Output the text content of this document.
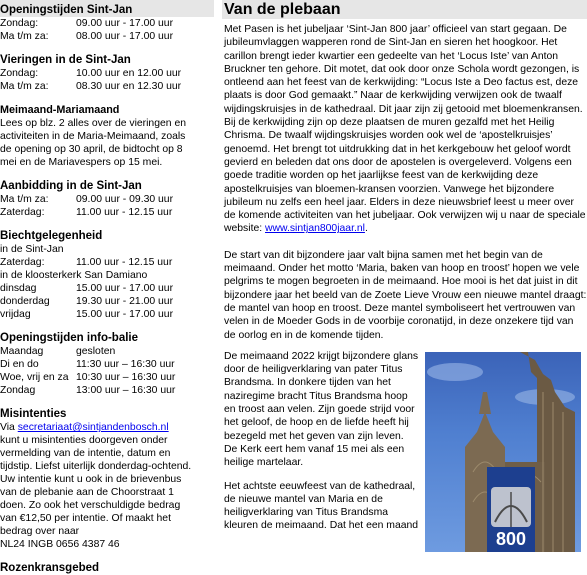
Openingstijden Sint-Jan
Zondag:	09.00 uur - 17.00 uur
Ma t/m za:	08.00 uur - 17.00 uur
Vieringen in de Sint-Jan
Zondag:	10.00 uur en 12.00 uur
Ma t/m za:	08.30 uur en 12.30 uur
Meimaand-Mariamaand
Lees op blz. 2 alles over de vieringen en
activiteiten in de Maria-Meimaand, zoals
de opening op 30 april, de bidtocht op 8
mei en de Mariavespers op 15 mei.
Aanbidding in de Sint-Jan
Ma t/m za:	09.00 uur - 09.30 uur
Zaterdag:	11.00 uur - 12.15 uur
Biechtgelegenheid
in de Sint-Jan
Zaterdag:	11.00 uur - 12.15 uur
in de kloosterkerk San Damiano
dinsdag	15.00 uur - 17.00 uur
donderdag	19.30 uur - 21.00 uur
vrijdag	15.00 uur - 17.00 uur
Openingstijden info-balie
Maandag	gesloten
Di en do	11:30 uur – 16:30 uur
Woe, vrij en za 10:30 uur – 16:30 uur
Zondag	13:00 uur – 16:30 uur
Misintenties
Via secretariaat@sintjandenbosch.nl
kunt u misintenties doorgeven onder
vermelding van de intentie, datum en
tijdstip. Liefst uiterlijk donderdag-ochtend.
Uw intentie kunt u ook in de brievenbus
van de plebanie aan de Choorstraat 1
doen. Zo ook het verschuldigde bedrag
van €12,50 per intentie. Of maakt het
bedrag over naar
NL24 INGB 0656 4387 46
Rozenkransgebed
Van de plebaan
Met Pasen is het jubeljaar ‘Sint-Jan 800 jaar’ officieel van start gegaan. De jubileumvlaggen wapperen rond de Sint-Jan en sieren het hoogkoor. Het carillon brengt ieder kwartier een gedeelte van het ‘Locus Iste’ van Anton Bruckner ten gehore. Dit motet, dat ook door onze Schola wordt gezongen, is ontleend aan het feest van de kerkwijding: “Locus Iste a Deo factus est, deze plaats is door God gemaakt.” Naar de kerkwijding verwijzen ook de twaalf wijdingskruisjes in de kathedraal. Dit jaar zijn zij getooid met bloemenkransen. Bij de kerkwijding zijn op deze plaatsen de muren gezalfd met het Heilig Chrisma. De twaalf wijdingskruisjes worden ook wel de ‘apostelkruisjes’ genoemd. Het brengt tot uitdrukking dat in het kerkgebouw het geloof wordt gevierd en beleden dat ons door de apostelen is overgeleverd. Volgens een goede traditie worden op het jaarlijkse feest van de kerkwijding deze apostelkruisjes van bloemen-kransen voorzien. Vanwege het bijzondere jubileum nu zelfs een heel jaar. Elders in deze nieuwsbrief leest u meer over de komende activiteiten van het jubeljaar. Ook verwijzen wij u naar de speciale website: www.sintjan800jaar.nl.
De start van dit bijzondere jaar valt bijna samen met het begin van de meimaand. Onder het motto ‘Maria, baken van hoop en troost’ hopen we vele pelgrims te mogen begroeten in de meimaand. Hoe mooi is het dat juist in dit bijzondere jaar het beeld van de Zoete Lieve Vrouw een nieuwe mantel draagt: de mantel van hoop en troost. Deze mantel symboliseert het vertrouwen van velen in de Moeder Gods in de voorbije coronatijd, in deze onzekere tijd van de oorlog en in de komende tijden.
800
De meimaand 2022 krijgt bijzondere glans door de heiligverklaring van pater Titus Brandsma. In donkere tijden van het naziregime bracht Titus Brandsma hoop en troost aan velen. Zijn goede strijd voor het geloof, de hoop en de liefde heeft hij bezegeld met het geven van zijn leven. De Kerk eert hem vanaf 15 mei als een heilige martelaar.
Het achtste eeuwfeest van de kathedraal, de nieuwe mantel van Maria en de heiligverklaring van Titus Brandsma kleuren de meimaand. Dat het een maand
